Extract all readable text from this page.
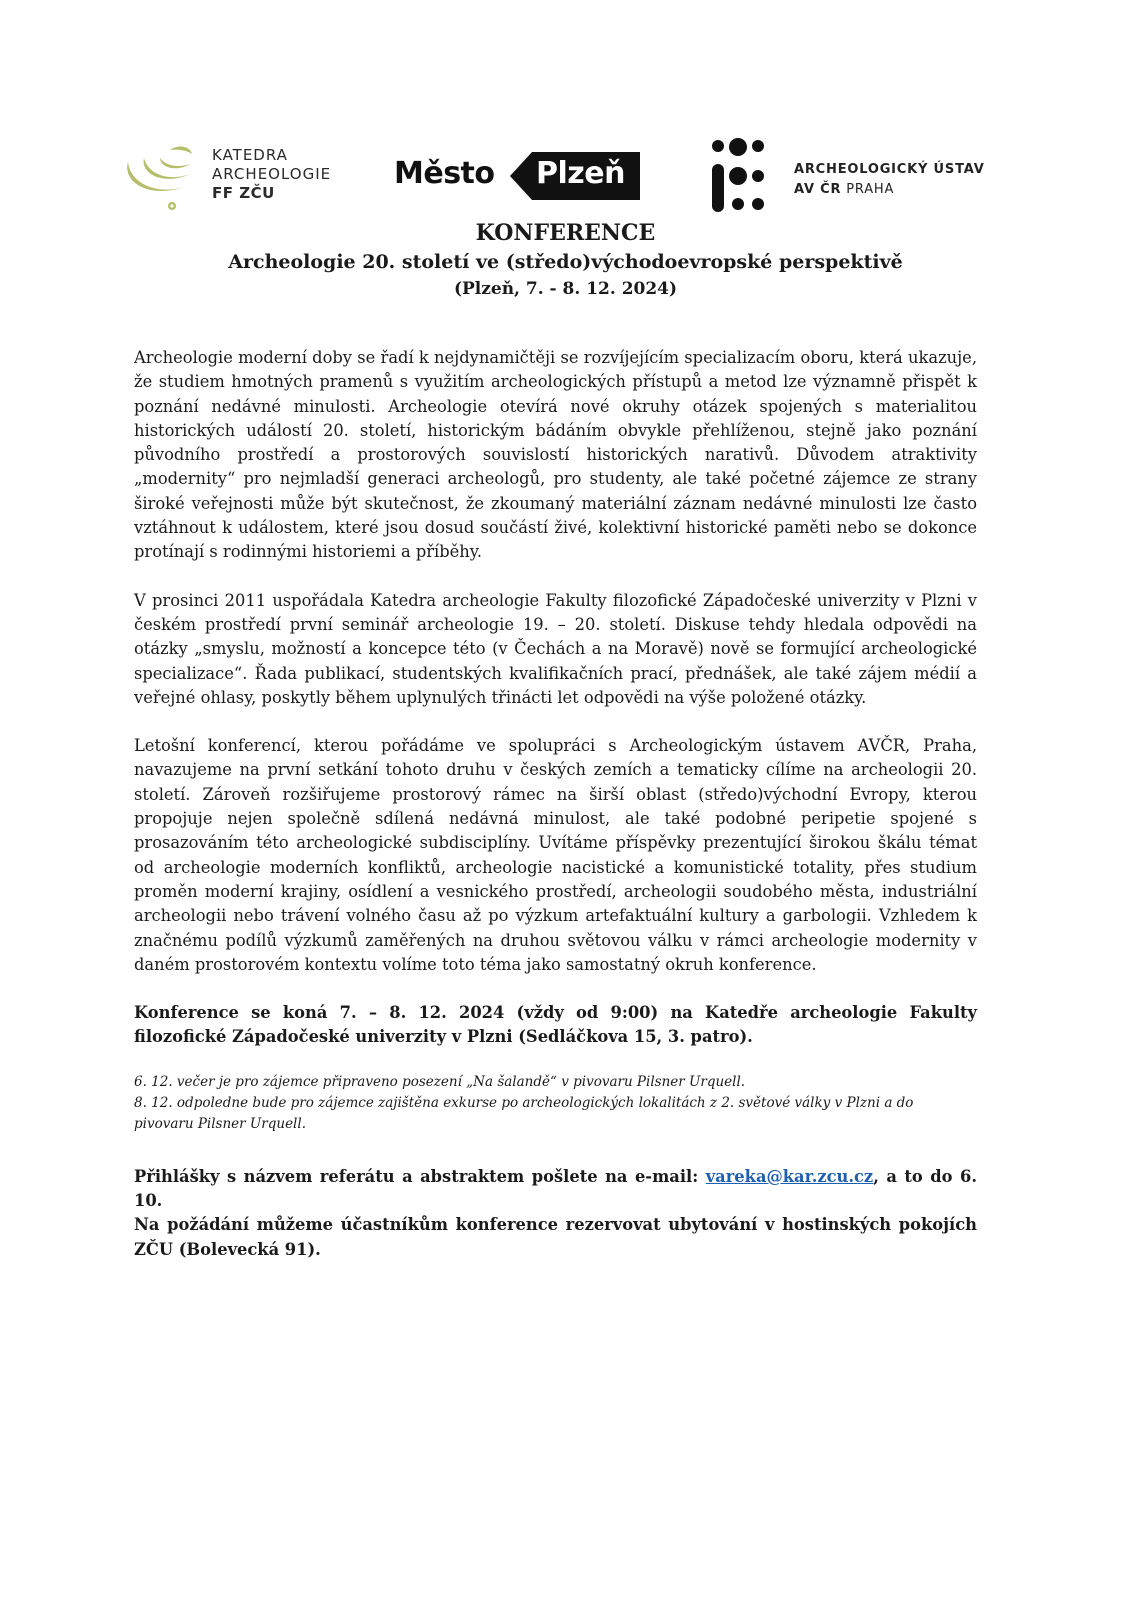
KATEDRA
ARCHEOLOGIE
FF ZČU
Město Plzeň	ARCHEOLOGICKÝ ÚSTAV
AV ČR PRAHA
KONFERENCE
Archeologie 20. století ve (středo)východoevropské perspektivě
(Plzeň, 7. - 8. 12. 2024)

Archeologie moderní doby se řadí k nejdynamičtěji se rozvíjejícím specializacím oboru, která ukazuje, že studiem hmotných pramenů s využitím archeologických přístupů a metod lze významně přispět k poznání nedávné minulosti. Archeologie otevírá nové okruhy otázek spojených s materialitou historických událostí 20. století, historickým bádáním obvykle přehlíženou, stejně jako poznání původního prostředí a prostorových souvislostí historických narativů. Důvodem atraktivity „modernity“ pro nejmladší generaci archeologů, pro studenty, ale také početné zájemce ze strany široké veřejnosti může být skutečnost, že zkoumaný materiální záznam nedávné minulosti lze často vztáhnout k událostem, které jsou dosud součástí živé, kolektivní historické paměti nebo se dokonce protínají s rodinnými historiemi a příběhy.

V prosinci 2011 uspořádala Katedra archeologie Fakulty filozofické Západočeské univerzity v Plzni v českém prostředí první seminář archeologie 19. – 20. století. Diskuse tehdy hledala odpovědi na otázky „smyslu, možností a koncepce této (v Čechách a na Moravě) nově se formující archeologické specializace“. Řada publikací, studentských kvalifikačních prací, přednášek, ale také zájem médií a veřejné ohlasy, poskytly během uplynulých třinácti let odpovědi na výše položené otázky.

Letošní konferencí, kterou pořádáme ve spolupráci s Archeologickým ústavem AVČR, Praha, navazujeme na první setkání tohoto druhu v českých zemích a tematicky cílíme na archeologii 20. století. Zároveň rozšiřujeme prostorový rámec na širší oblast (středo)východní Evropy, kterou propojuje nejen společně sdílená nedávná minulost, ale také podobné peripetie spojené s prosazováním této archeologické subdisciplíny. Uvítáme příspěvky prezentující širokou škálu témat od archeologie moderních konfliktů, archeologie nacistické a komunistické totality, přes studium proměn moderní krajiny, osídlení a vesnického prostředí, archeologii soudobého města, industriální archeologii nebo trávení volného času až po výzkum artefaktuální kultury a garbologii. Vzhledem k značnému podílů výzkumů zaměřených na druhou světovou válku v rámci archeologie modernity v daném prostorovém kontextu volíme toto téma jako samostatný okruh konference.

Konference se koná 7. – 8. 12. 2024 (vždy od 9:00) na Katedře archeologie Fakulty filozofické Západočeské univerzity v Plzni (Sedláčkova 15, 3. patro).

6. 12. večer je pro zájemce připraveno posezení „Na šalandě“ v pivovaru Pilsner Urquell.
8. 12. odpoledne bude pro zájemce zajištěna exkurse po archeologických lokalitách z 2. světové války v Plzni a do pivovaru Pilsner Urquell.

Přihlášky s názvem referátu a abstraktem pošlete na e-mail: vareka@kar.zcu.cz, a to do 6. 10.

Na požádání můžeme účastníkům konference rezervovat ubytování v hostinských pokojích ZČU (Bolevecká 91).
